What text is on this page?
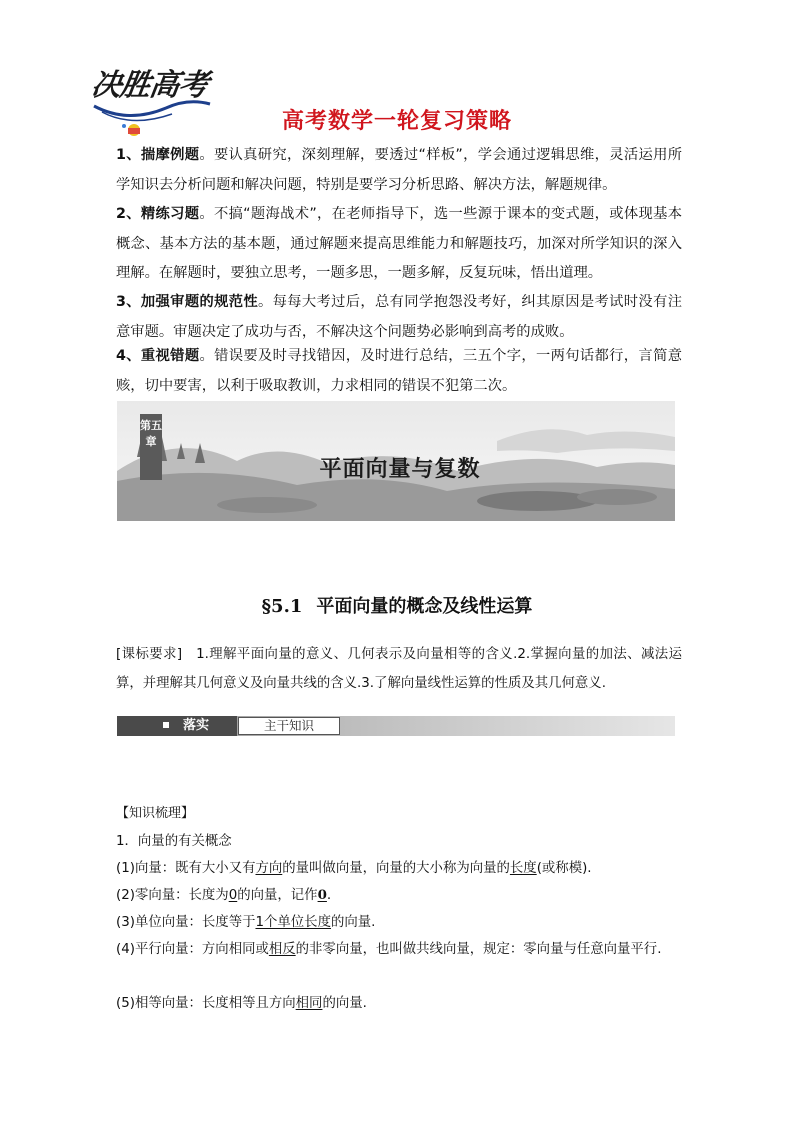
决胜高考
高考数学一轮复习策略
1、揣摩例题。要认真研究，深刻理解，要透过“样板”，学会通过逻辑思维，灵活运用所学知识去分析问题和解决问题，特别是要学习分析思路、解决方法，解题规律。
2、精练习题。不搞“题海战术”，在老师指导下，选一些源于课本的变式题，或体现基本概念、基本方法的基本题，通过解题来提高思维能力和解题技巧，加深对所学知识的深入理解。在解题时，要独立思考，一题多思，一题多解，反复玩味，悟出道理。
3、加强审题的规范性。每每大考过后，总有同学抱怨没考好，纠其原因是考试时没有注意审题。审题决定了成功与否，不解决这个问题势必影响到高考的成败。
4、重视错题。错误要及时寻找错因，及时进行总结，三五个字，一两句话都行，言简意赅，切中要害，以利于吸取教训，力求相同的错误不犯第二次。
第五章
平面向量与复数
§5.1 平面向量的概念及线性运算
[课标要求] 1.理解平面向量的意义、几何表示及向量相等的含义.2.掌握向量的加法、减法运算，并理解其几何意义及向量共线的含义.3.了解向量线性运算的性质及其几何意义.
落实	主干知识
【知识梳理】
1．向量的有关概念
(1)向量：既有大小又有方向的量叫做向量，向量的大小称为向量的长度(或称模).
(2)零向量：长度为0的向量，记作0.
(3)单位向量：长度等于1个单位长度的向量.
(4)平行向量：方向相同或相反的非零向量，也叫做共线向量，规定：零向量与任意向量平行.
(5)相等向量：长度相等且方向相同的向量.
